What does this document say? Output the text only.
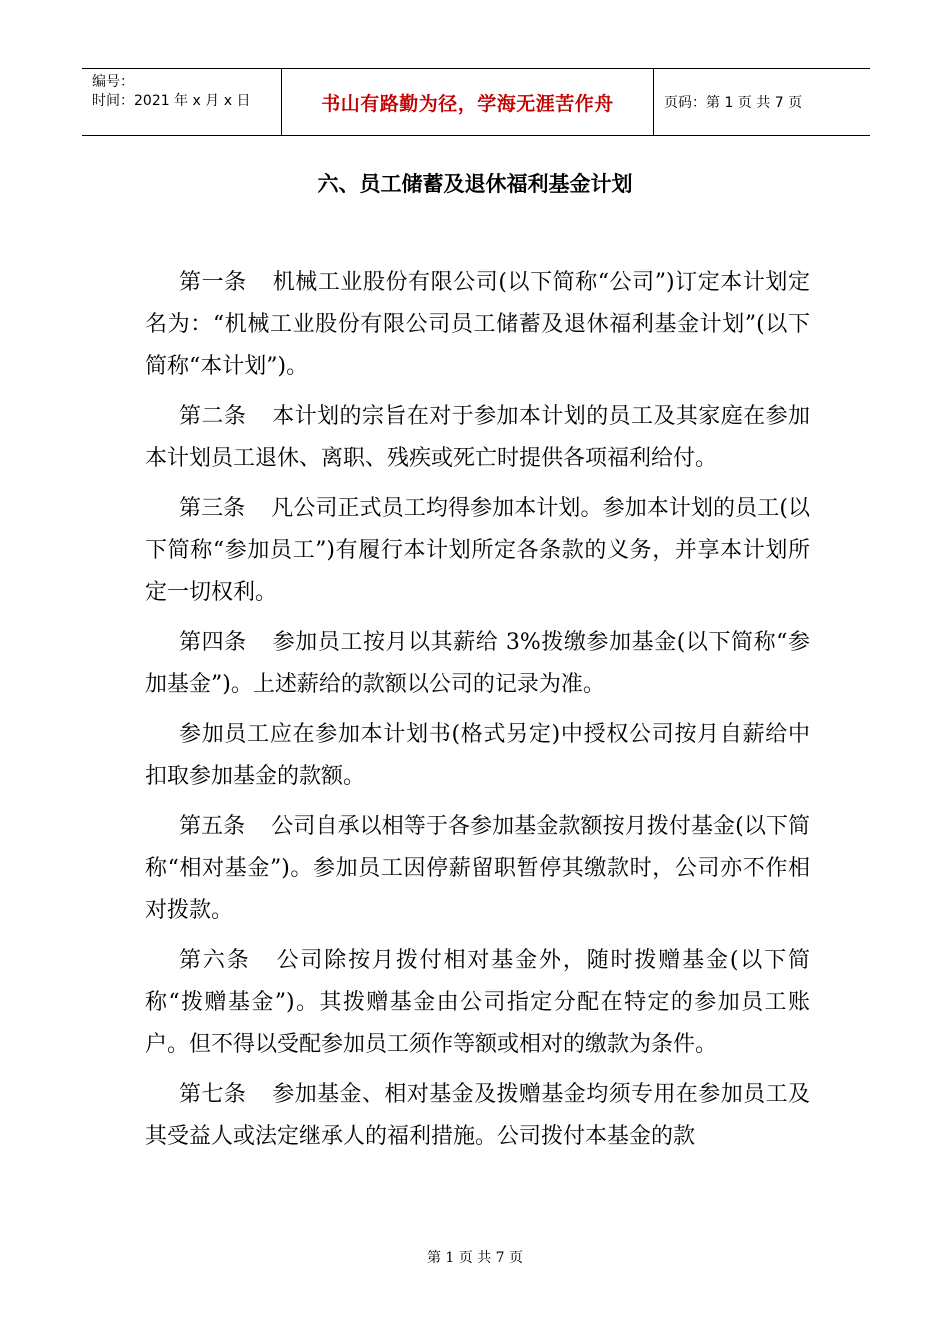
编号：
时间：2021 年 x 月 x 日	书山有路勤为径，学海无涯苦作舟	页码：第 1 页 共 7 页
六、员工储蓄及退休福利基金计划

第一条 机械工业股份有限公司(以下简称“公司”)订定本计划定名为：“机械工业股份有限公司员工储蓄及退休福利基金计划”(以下简称“本计划”)。

第二条 本计划的宗旨在对于参加本计划的员工及其家庭在参加本计划员工退休、离职、残疾或死亡时提供各项福利给付。

第三条 凡公司正式员工均得参加本计划。参加本计划的员工(以下简称“参加员工”)有履行本计划所定各条款的义务，并享本计划所定一切权利。

第四条 参加员工按月以其薪给 3%拨缴参加基金(以下简称“参加基金”)。上述薪给的款额以公司的记录为准。

参加员工应在参加本计划书(格式另定)中授权公司按月自薪给中扣取参加基金的款额。

第五条 公司自承以相等于各参加基金款额按月拨付基金(以下简称“相对基金”)。参加员工因停薪留职暂停其缴款时，公司亦不作相对拨款。

第六条 公司除按月拨付相对基金外，随时拨赠基金(以下简称“拨赠基金”)。其拨赠基金由公司指定分配在特定的参加员工账户。但不得以受配参加员工须作等额或相对的缴款为条件。

第七条 参加基金、相对基金及拨赠基金均须专用在参加员工及其受益人或法定继承人的福利措施。公司拨付本基金的款

第 1 页 共 7 页
